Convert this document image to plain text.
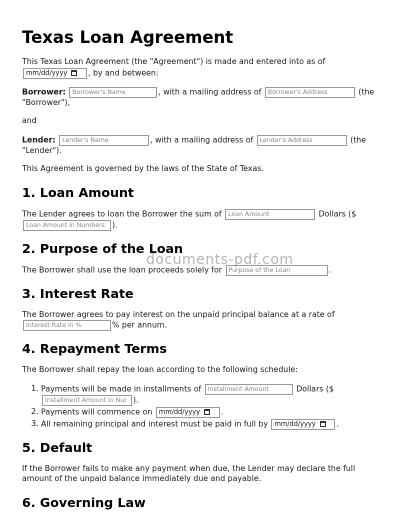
Texas Loan Agreement

This Texas Loan Agreement (the "Agreement") is made and entered into as of mm/dd/yyyy	, by and between:

Borrower: Borrower's Name	, with a mailing address of Borrower's Address	(the "Borrower"),

and

Lender: Lender's Name	, with a mailing address of Lender's Address	(the "Lender").

This Agreement is governed by the laws of the State of Texas.

1. Loan Amount

The Lender agrees to loan the Borrower the sum of Loan Amount	Dollars ($ Loan Amount in Numbers ).

2. Purpose of the Loan

The Borrower shall use the loan proceeds solely for Purpose of the Loan	.

3. Interest Rate

The Borrower agrees to pay interest on the unpaid principal balance at a rate of Interest Rate in %	% per annum.

4. Repayment Terms

The Borrower shall repay the loan according to the following schedule:

1. Payments will be made in installments of Installment Amount	Dollars ($ Installment Amount in Nur ).
2. Payments will commence on mm/dd/yyyy	.
3. All remaining principal and interest must be paid in full by mm/dd/yyyy	.
5. Default

If the Borrower fails to make any payment when due, the Lender may declare the full amount of the unpaid balance immediately due and payable.

6. Governing Law
documents-pdf.com
